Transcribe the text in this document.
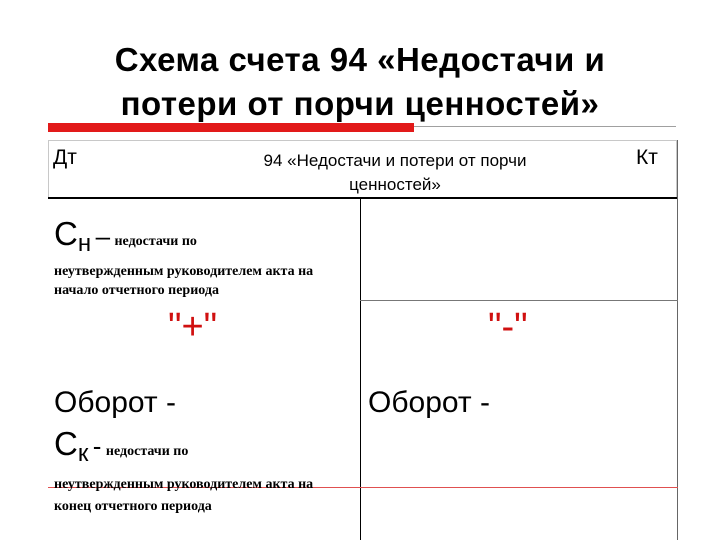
Схема счета 94 «Недостачи и потери от порчи ценностей»
Дт	Кт
94 «Недостачи и потери от порчи ценностей»
Сн – недостачи по
неутвержденным руководителем акта на начало отчетного периода
"+"	"-"
Оборот -	Оборот -
Ск - недостачи по
неутвержденным руководителем акта на конец отчетного периода
